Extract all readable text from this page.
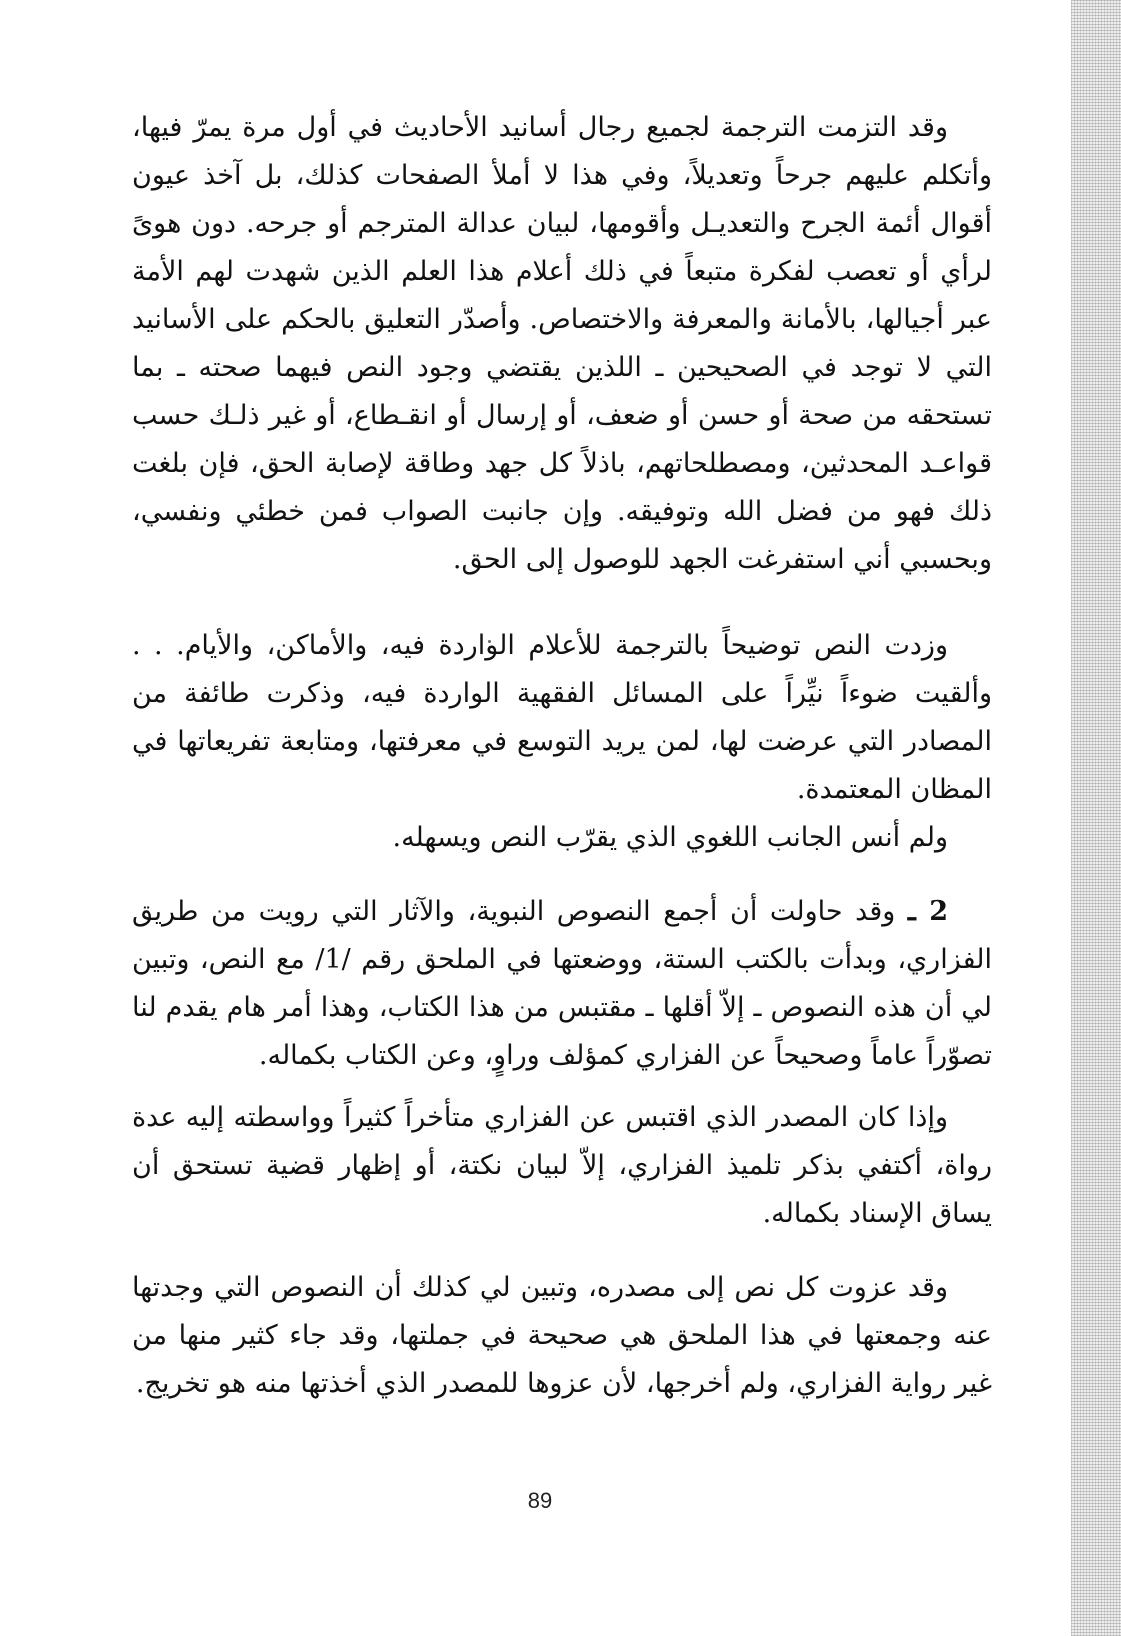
وقد التزمت الترجمة لجميع رجال أسانيد الأحاديث في أول مرة يمرّ فيها، وأتكلم عليهم جرحاً وتعديلاً، وفي هذا لا أملأ الصفحات كذلك، بل آخذ عيون أقوال أئمة الجرح والتعديـل وأقومها، لبيان عدالة المترجم أو جرحه. دون هوىً لرأي أو تعصب لفكرة متبعاً في ذلك أعلام هذا العلم الذين شهدت لهم الأمة عبر أجيالها، بالأمانة والمعرفة والاختصاص. وأصدّر التعليق بالحكم على الأسانيد التي لا توجد في الصحيحين ـ اللذين يقتضي وجود النص فيهما صحته ـ بما تستحقه من صحة أو حسن أو ضعف، أو إرسال أو انقـطاع، أو غير ذلـك حسب قواعـد المحدثين، ومصطلحاتهم، باذلاً كل جهد وطاقة لإصابة الحق، فإن بلغت ذلك فهو من فضل الله وتوفيقه. وإن جانبت الصواب فمن خطئي ونفسي، وبحسبي أني استفرغت الجهد للوصول إلى الحق.

وزدت النص توضيحاً بالترجمة للأعلام الواردة فيه، والأماكن، والأيام. . . وألقيت ضوءاً نيِّراً على المسائل الفقهية الواردة فيه، وذكرت طائفة من المصادر التي عرضت لها، لمن يريد التوسع في معرفتها، ومتابعة تفريعاتها في المظان المعتمدة.

ولم أنس الجانب اللغوي الذي يقرّب النص ويسهله.

2 ـ وقد حاولت أن أجمع النصوص النبوية، والآثار التي رويت من طريق الفزاري، وبدأت بالكتب الستة، ووضعتها في الملحق رقم /1/ مع النص، وتبين لي أن هذه النصوص ـ إلاّ أقلها ـ مقتبس من هذا الكتاب، وهذا أمر هام يقدم لنا تصوّراً عاماً وصحيحاً عن الفزاري كمؤلف وراوٍ، وعن الكتاب بكماله.

وإذا كان المصدر الذي اقتبس عن الفزاري متأخراً كثيراً وواسطته إليه عدة رواة، أكتفي بذكر تلميذ الفزاري، إلاّ لبيان نكتة، أو إظهار قضية تستحق أن يساق الإسناد بكماله.

وقد عزوت كل نص إلى مصدره، وتبين لي كذلك أن النصوص التي وجدتها عنه وجمعتها في هذا الملحق هي صحيحة في جملتها، وقد جاء كثير منها من غير رواية الفزاري، ولم أخرجها، لأن عزوها للمصدر الذي أخذتها منه هو تخريج.

89
